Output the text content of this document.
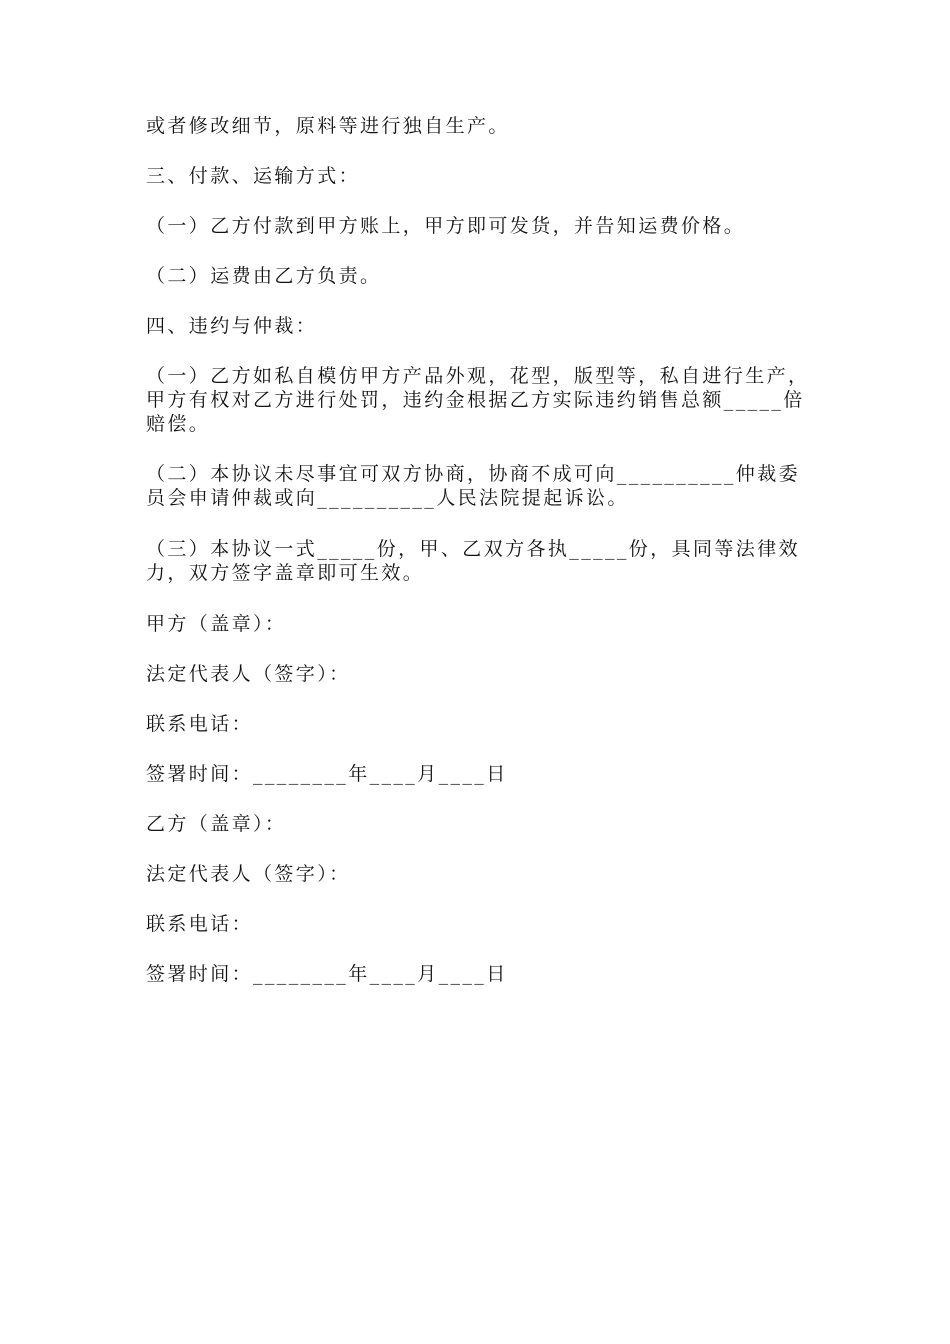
或者修改细节，原料等进行独自生产。
三、付款、运输方式：
（一）乙方付款到甲方账上，甲方即可发货，并告知运费价格。
（二）运费由乙方负责。
四、违约与仲裁：
（一）乙方如私自模仿甲方产品外观，花型，版型等，私自进行生产，甲方有权对乙方进行处罚，违约金根据乙方实际违约销售总额_____倍赔偿。
（二）本协议未尽事宜可双方协商，协商不成可向__________仲裁委员会申请仲裁或向__________人民法院提起诉讼。
（三）本协议一式_____份，甲、乙双方各执_____份，具同等法律效力，双方签字盖章即可生效。
甲方（盖章）：
法定代表人（签字）：
联系电话：
签署时间：________年____月____日
乙方（盖章）：
法定代表人（签字）：
联系电话：
签署时间：________年____月____日
